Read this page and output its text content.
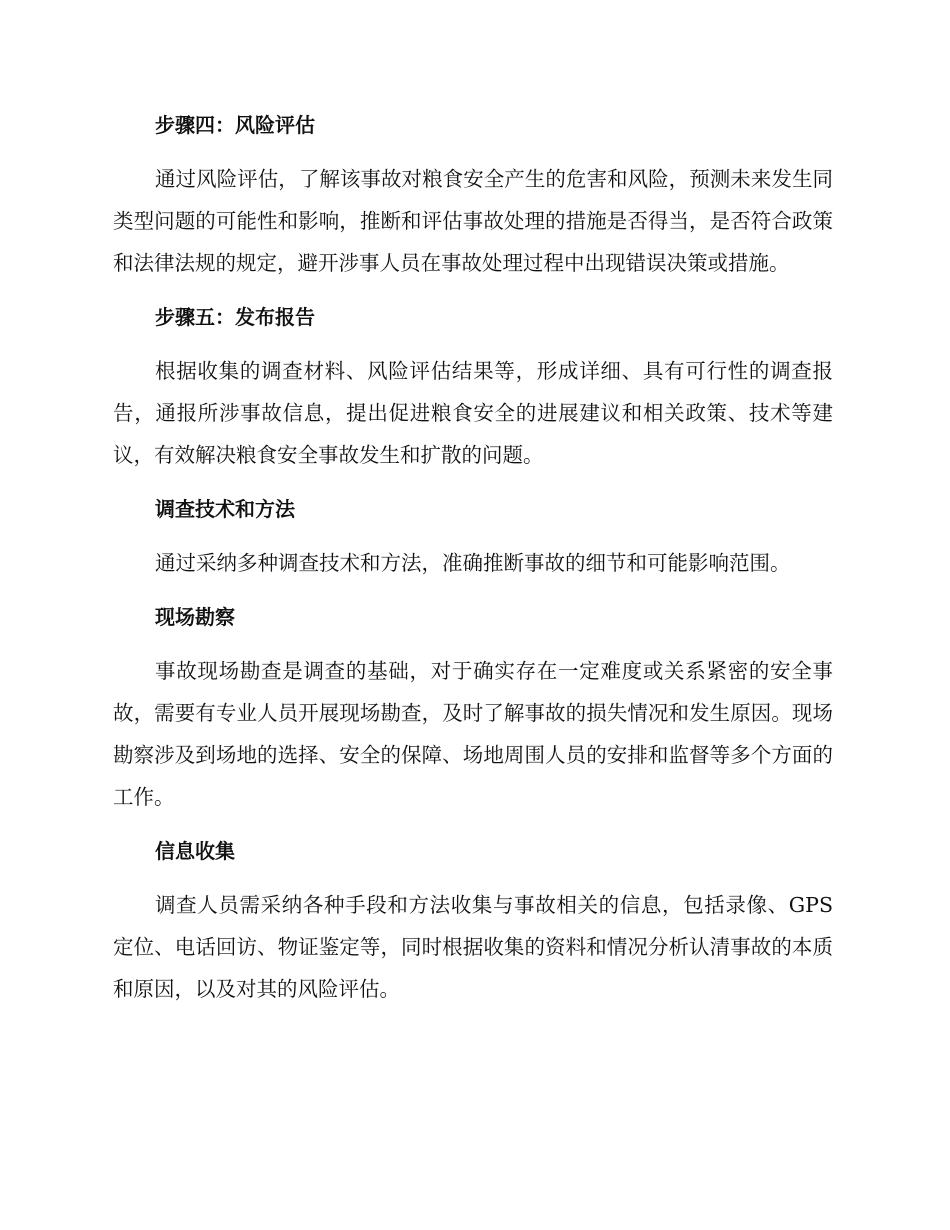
步骤四：风险评估

通过风险评估，了解该事故对粮食安全产生的危害和风险，预测未来发生同类型问题的可能性和影响，推断和评估事故处理的措施是否得当，是否符合政策和法律法规的规定，避开涉事人员在事故处理过程中出现错误决策或措施。

步骤五：发布报告

根据收集的调查材料、风险评估结果等，形成详细、具有可行性的调查报告，通报所涉事故信息，提出促进粮食安全的进展建议和相关政策、技术等建议，有效解决粮食安全事故发生和扩散的问题。

调查技术和方法

通过采纳多种调查技术和方法，准确推断事故的细节和可能影响范围。

现场勘察

事故现场勘查是调查的基础，对于确实存在一定难度或关系紧密的安全事故，需要有专业人员开展现场勘查，及时了解事故的损失情况和发生原因。现场勘察涉及到场地的选择、安全的保障、场地周围人员的安排和监督等多个方面的工作。

信息收集

调查人员需采纳各种手段和方法收集与事故相关的信息，包括录像、GPS定位、电话回访、物证鉴定等，同时根据收集的资料和情况分析认清事故的本质和原因，以及对其的风险评估。
